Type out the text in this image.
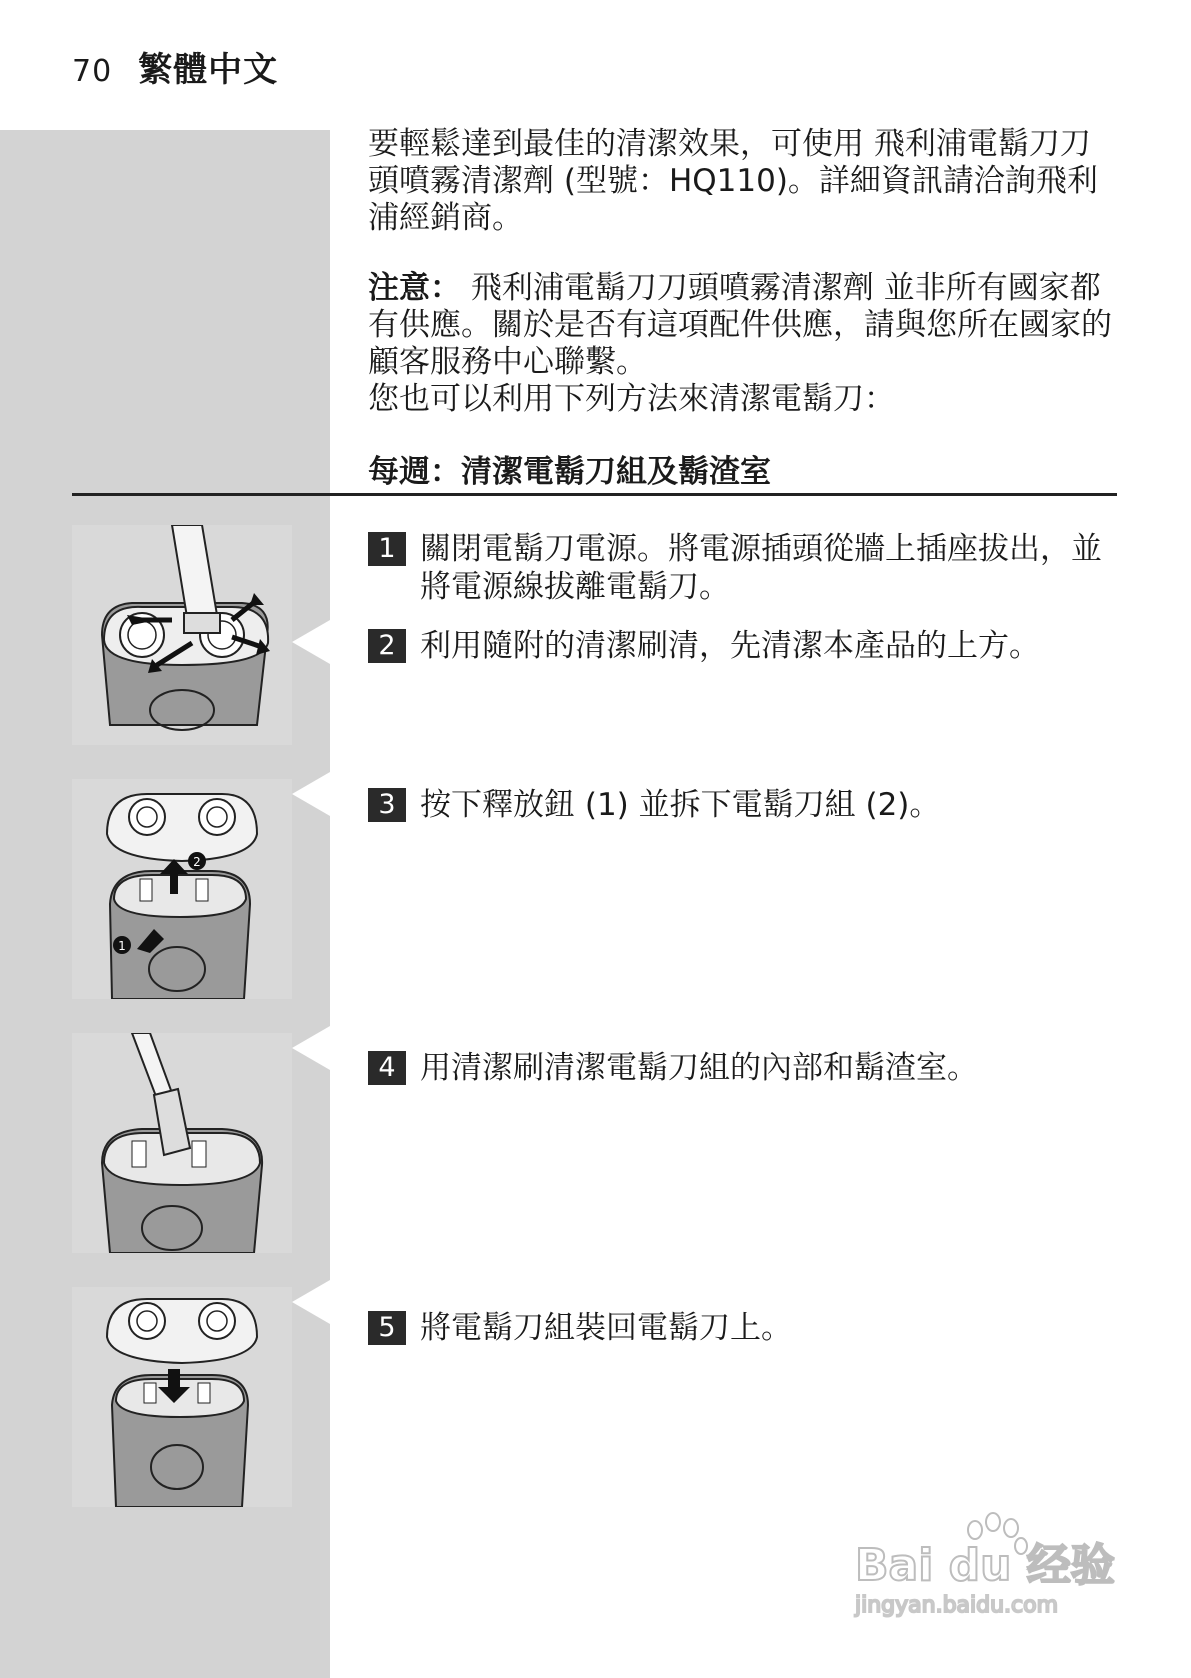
70 繁體中文
要輕鬆達到最佳的清潔效果，可使用 飛利浦電鬍刀刀頭噴霧清潔劑 (型號：HQ110)。詳細資訊請洽詢飛利浦經銷商。
注意： 飛利浦電鬍刀刀頭噴霧清潔劑 並非所有國家都有供應。關於是否有這項配件供應，請與您所在國家的顧客服務中心聯繫。
您也可以利用下列方法來清潔電鬍刀：
每週：清潔電鬍刀組及鬍渣室
2
1
1 關閉電鬍刀電源。將電源插頭從牆上插座拔出，並將電源線拔離電鬍刀。
2 利用隨附的清潔刷清，先清潔本產品的上方。
3 按下釋放鈕 (1) 並拆下電鬍刀組 (2)。
4 用清潔刷清潔電鬍刀組的內部和鬍渣室。
5 將電鬍刀組裝回電鬍刀上。
Bai du 经验
jingyan.baidu.com
